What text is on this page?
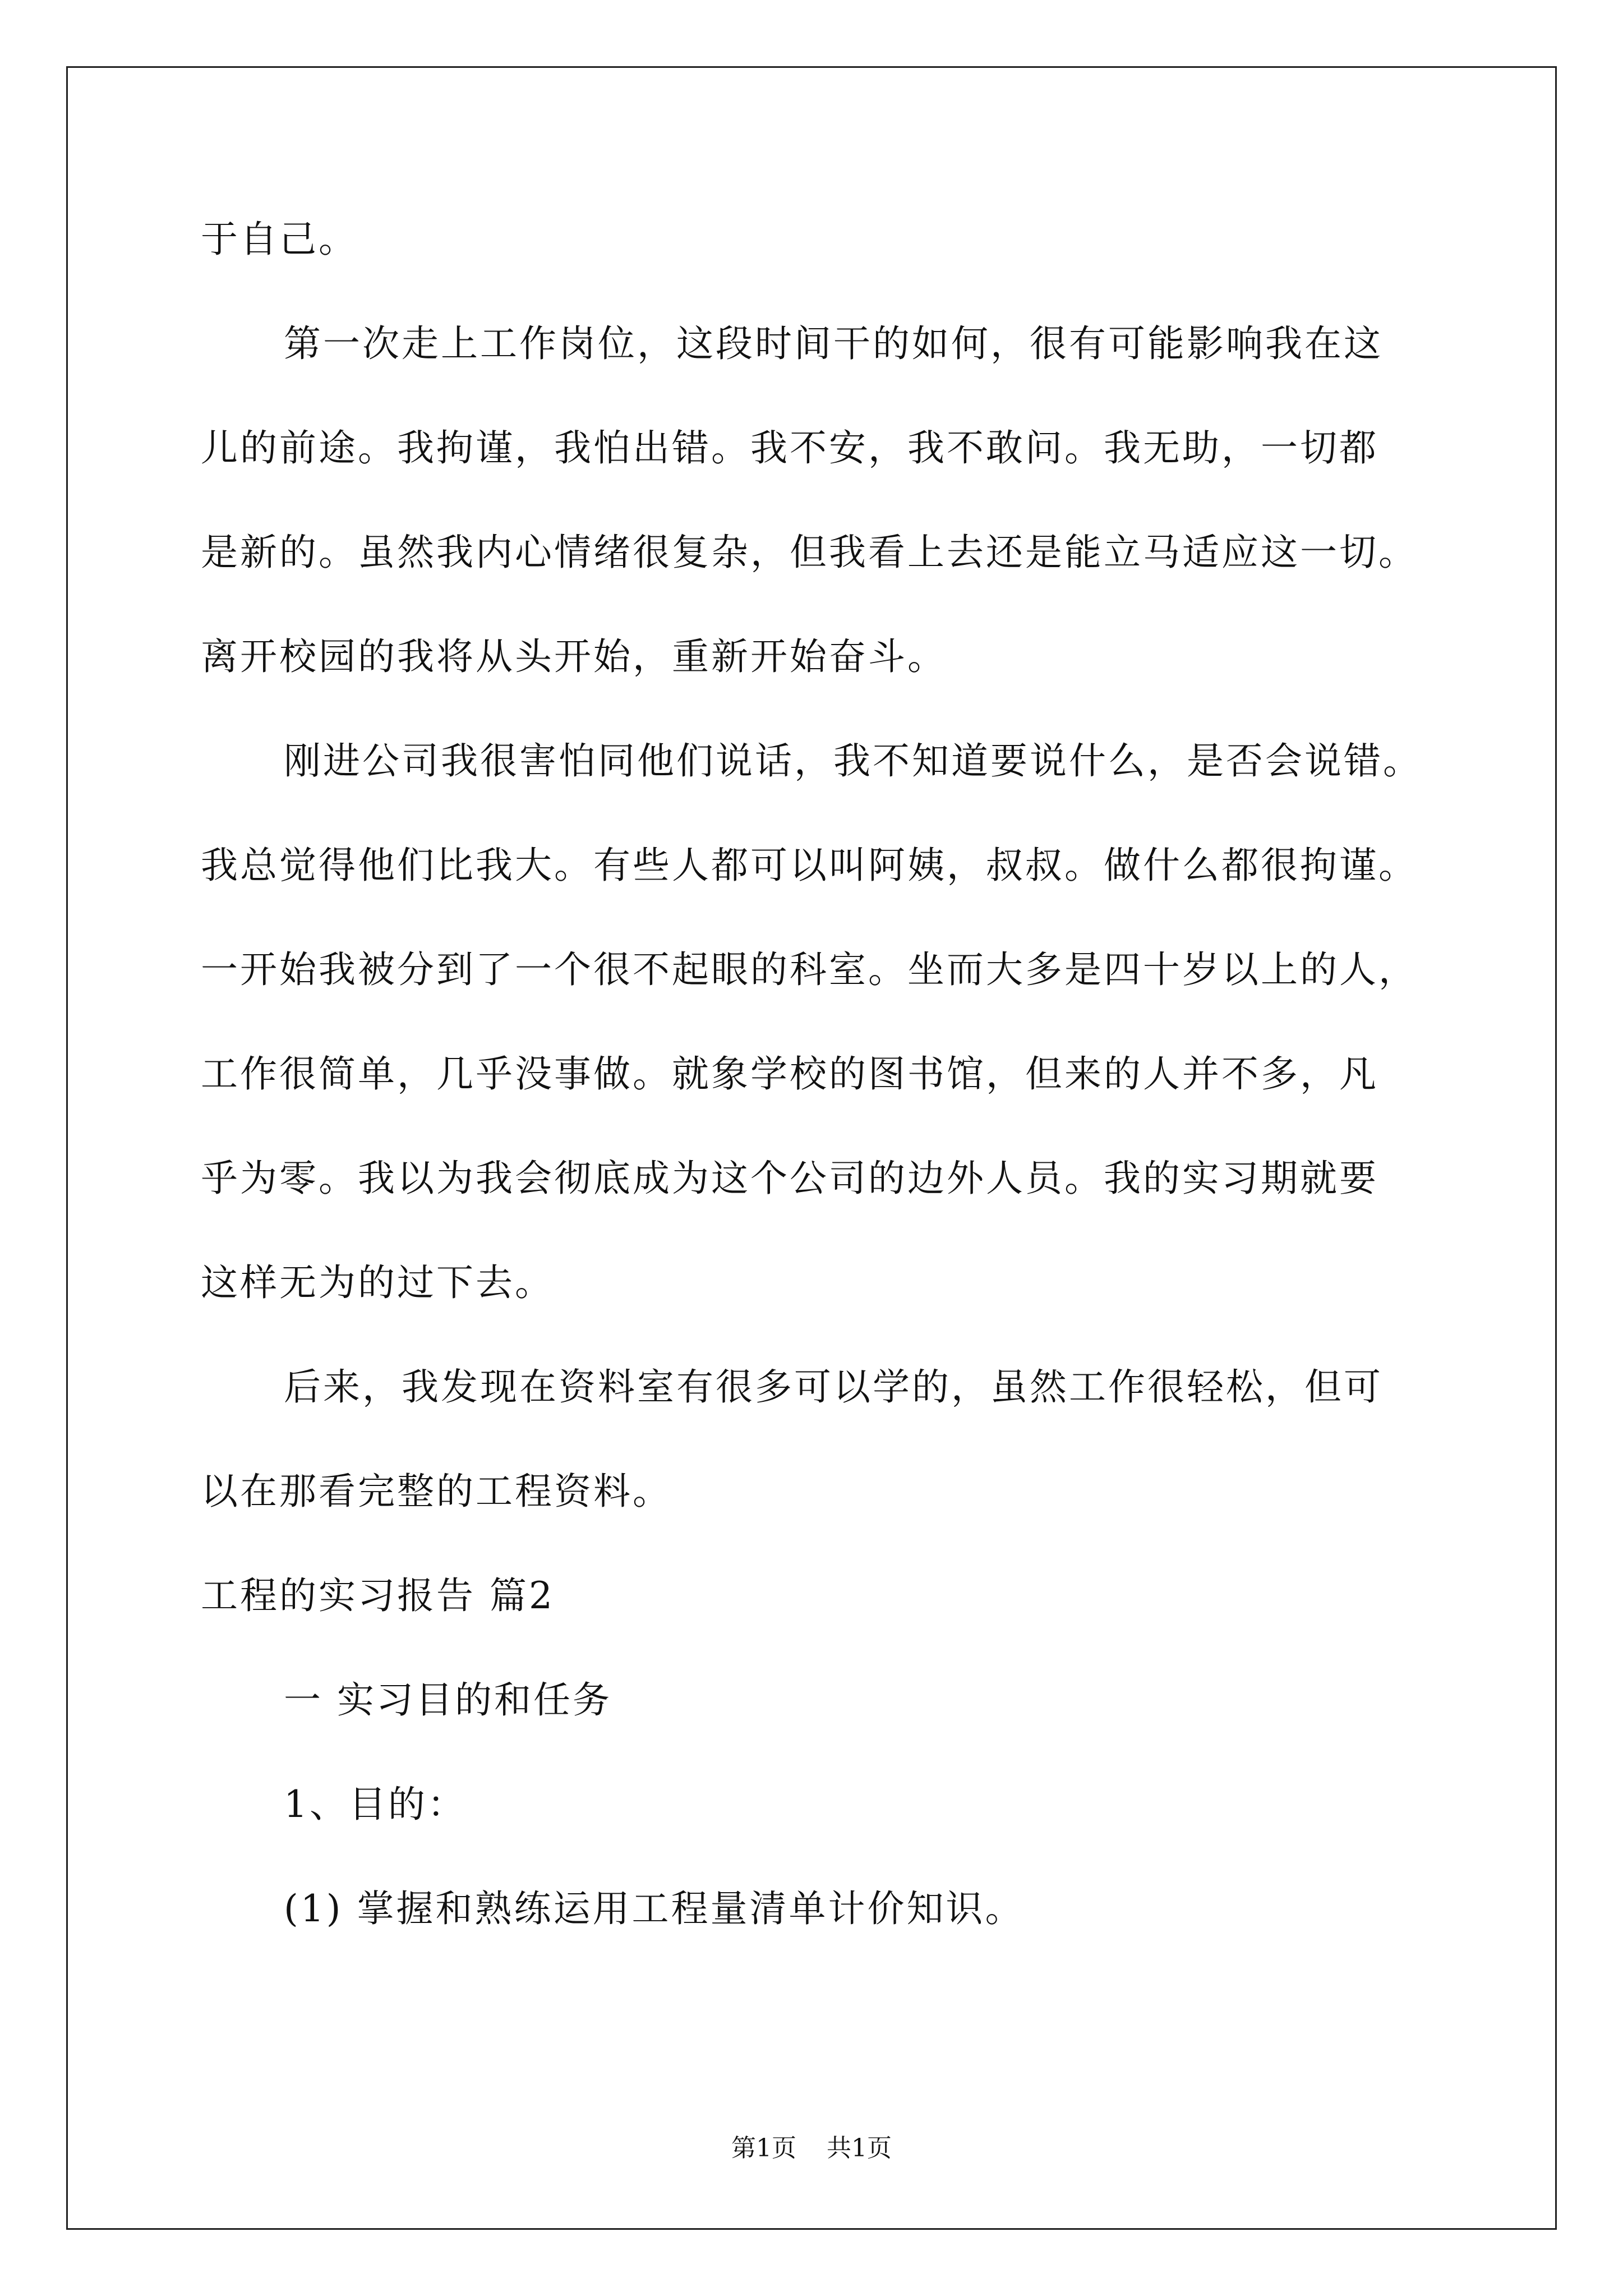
于自己。
第一次走上工作岗位，这段时间干的如何，很有可能影响我在这
儿的前途。我拘谨，我怕出错。我不安，我不敢问。我无助，一切都
是新的。虽然我内心情绪很复杂，但我看上去还是能立马适应这一切。
离开校园的我将从头开始，重新开始奋斗。
刚进公司我很害怕同他们说话，我不知道要说什么，是否会说错。
我总觉得他们比我大。有些人都可以叫阿姨，叔叔。做什么都很拘谨。
一开始我被分到了一个很不起眼的科室。坐而大多是四十岁以上的人，
工作很简单，几乎没事做。就象学校的图书馆，但来的人并不多，凡
乎为零。我以为我会彻底成为这个公司的边外人员。我的实习期就要
这样无为的过下去。
后来，我发现在资料室有很多可以学的，虽然工作很轻松，但可
以在那看完整的工程资料。
工程的实习报告 篇2
一 实习目的和任务
1、目的：
(1) 掌握和熟练运用工程量清单计价知识。
第1页 共1页
